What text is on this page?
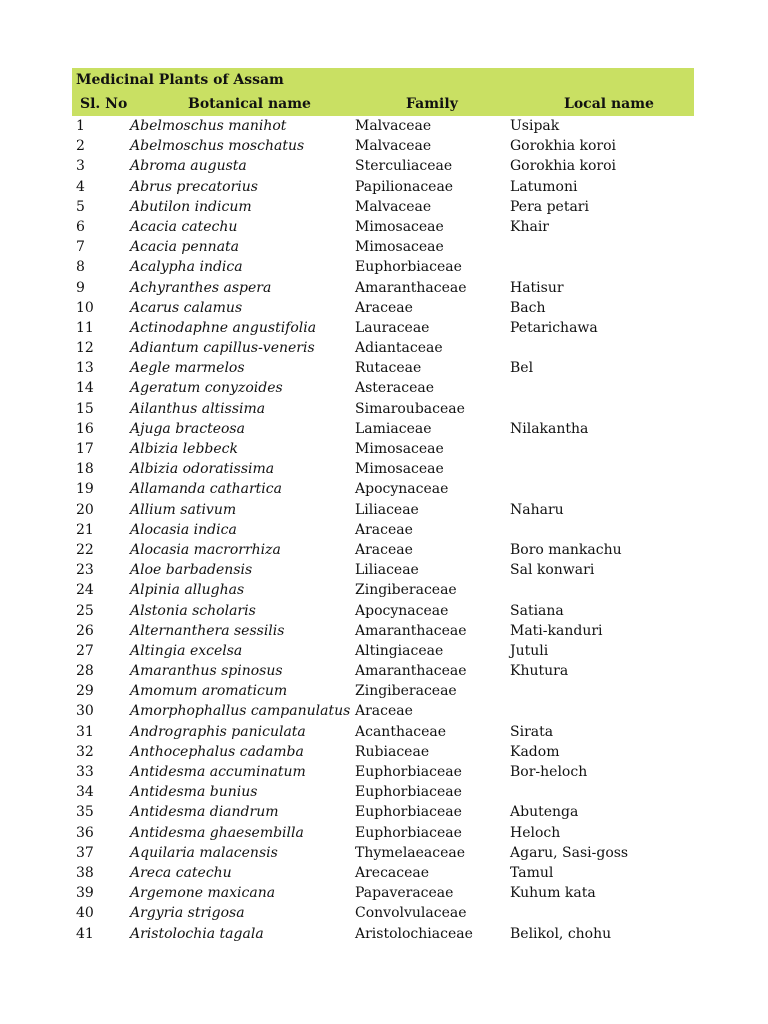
Medicinal Plants of Assam
Sl. No	Botanical name	Family	Local name
1	Abelmoschus manihot	Malvaceae	Usipak
2	Abelmoschus moschatus	Malvaceae	Gorokhia koroi
3	Abroma augusta	Sterculiaceae	Gorokhia koroi
4	Abrus precatorius	Papilionaceae	Latumoni
5	Abutilon indicum	Malvaceae	Pera petari
6	Acacia catechu	Mimosaceae	Khair
7	Acacia pennata	Mimosaceae
8	Acalypha indica	Euphorbiaceae
9	Achyranthes aspera	Amaranthaceae	Hatisur
10	Acarus calamus	Araceae	Bach
11	Actinodaphne angustifolia	Lauraceae	Petarichawa
12	Adiantum capillus-veneris	Adiantaceae
13	Aegle marmelos	Rutaceae	Bel
14	Ageratum conyzoides	Asteraceae
15	Ailanthus altissima	Simaroubaceae
16	Ajuga bracteosa	Lamiaceae	Nilakantha
17	Albizia lebbeck	Mimosaceae
18	Albizia odoratissima	Mimosaceae
19	Allamanda cathartica	Apocynaceae
20	Allium sativum	Liliaceae	Naharu
21	Alocasia indica	Araceae
22	Alocasia macrorrhiza	Araceae	Boro mankachu
23	Aloe barbadensis	Liliaceae	Sal konwari
24	Alpinia allughas	Zingiberaceae
25	Alstonia scholaris	Apocynaceae	Satiana
26	Alternanthera sessilis	Amaranthaceae	Mati-kanduri
27	Altingia excelsa	Altingiaceae	Jutuli
28	Amaranthus spinosus	Amaranthaceae	Khutura
29	Amomum aromaticum	Zingiberaceae
30	Amorphophallus campanulatus Araceae
31	Andrographis paniculata	Acanthaceae	Sirata
32	Anthocephalus cadamba	Rubiaceae	Kadom
33	Antidesma accuminatum	Euphorbiaceae	Bor-heloch
34	Antidesma bunius	Euphorbiaceae
35	Antidesma diandrum	Euphorbiaceae	Abutenga
36	Antidesma ghaesembilla	Euphorbiaceae	Heloch
37	Aquilaria malacensis	Thymelaeaceae	Agaru, Sasi-goss
38	Areca catechu	Arecaceae	Tamul
39	Argemone maxicana	Papaveraceae	Kuhum kata
40	Argyria strigosa	Convolvulaceae
41	Aristolochia tagala	Aristolochiaceae	Belikol, chohu
